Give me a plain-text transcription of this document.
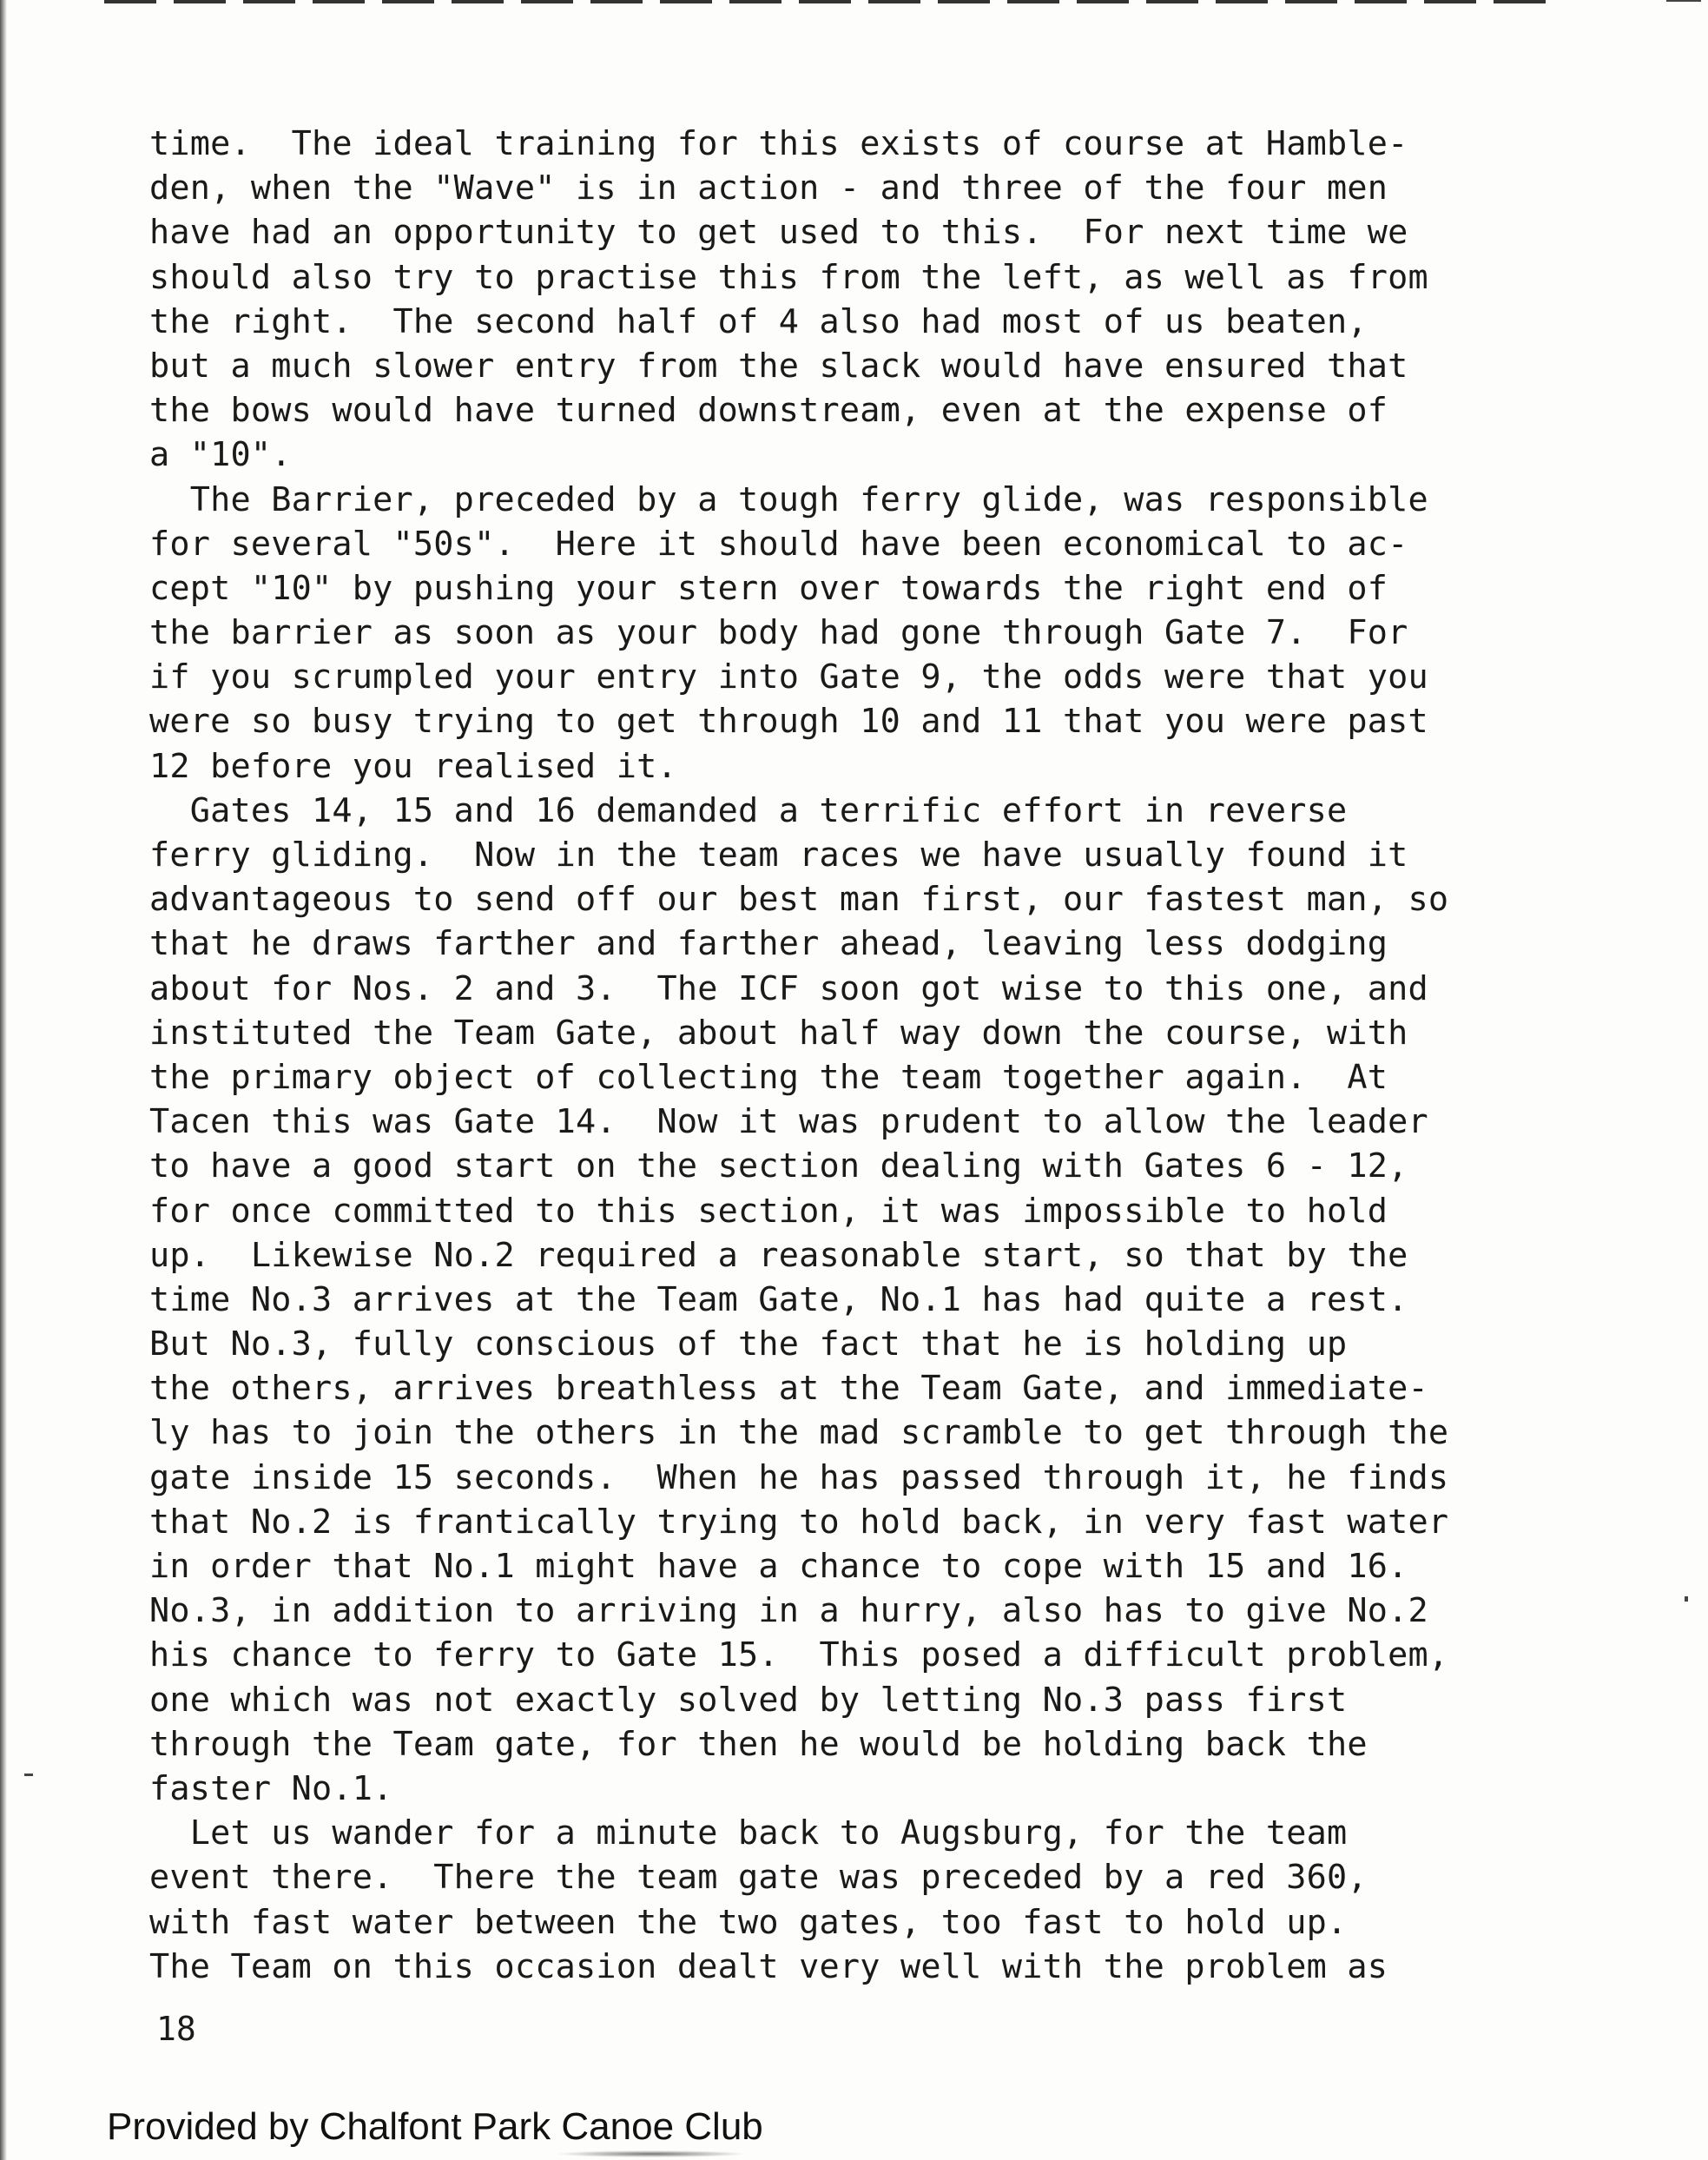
time.  The ideal training for this exists of course at Hamble-
den, when the "Wave" is in action - and three of the four men
have had an opportunity to get used to this.  For next time we
should also try to practise this from the left, as well as from
the right.  The second half of 4 also had most of us beaten,
but a much slower entry from the slack would have ensured that
the bows would have turned downstream, even at the expense of
a "10".
The Barrier, preceded by a tough ferry glide, was responsible
for several "50s".  Here it should have been economical to ac-
cept "10" by pushing your stern over towards the right end of
the barrier as soon as your body had gone through Gate 7.  For
if you scrumpled your entry into Gate 9, the odds were that you
were so busy trying to get through 10 and 11 that you were past
12 before you realised it.
Gates 14, 15 and 16 demanded a terrific effort in reverse
ferry gliding.  Now in the team races we have usually found it
advantageous to send off our best man first, our fastest man, so
that he draws farther and farther ahead, leaving less dodging
about for Nos. 2 and 3.  The ICF soon got wise to this one, and
instituted the Team Gate, about half way down the course, with
the primary object of collecting the team together again.  At
Tacen this was Gate 14.  Now it was prudent to allow the leader
to have a good start on the section dealing with Gates 6 - 12,
for once committed to this section, it was impossible to hold
up.  Likewise No.2 required a reasonable start, so that by the
time No.3 arrives at the Team Gate, No.1 has had quite a rest.
But No.3, fully conscious of the fact that he is holding up
the others, arrives breathless at the Team Gate, and immediate-
ly has to join the others in the mad scramble to get through the
gate inside 15 seconds.  When he has passed through it, he finds
that No.2 is frantically trying to hold back, in very fast water
in order that No.1 might have a chance to cope with 15 and 16.
No.3, in addition to arriving in a hurry, also has to give No.2
his chance to ferry to Gate 15.  This posed a difficult problem,
one which was not exactly solved by letting No.3 pass first
through the Team gate, for then he would be holding back the
faster No.1.
Let us wander for a minute back to Augsburg, for the team
event there.  There the team gate was preceded by a red 360,
with fast water between the two gates, too fast to hold up.
The Team on this occasion dealt very well with the problem as
18
Provided by Chalfont Park Canoe Club
